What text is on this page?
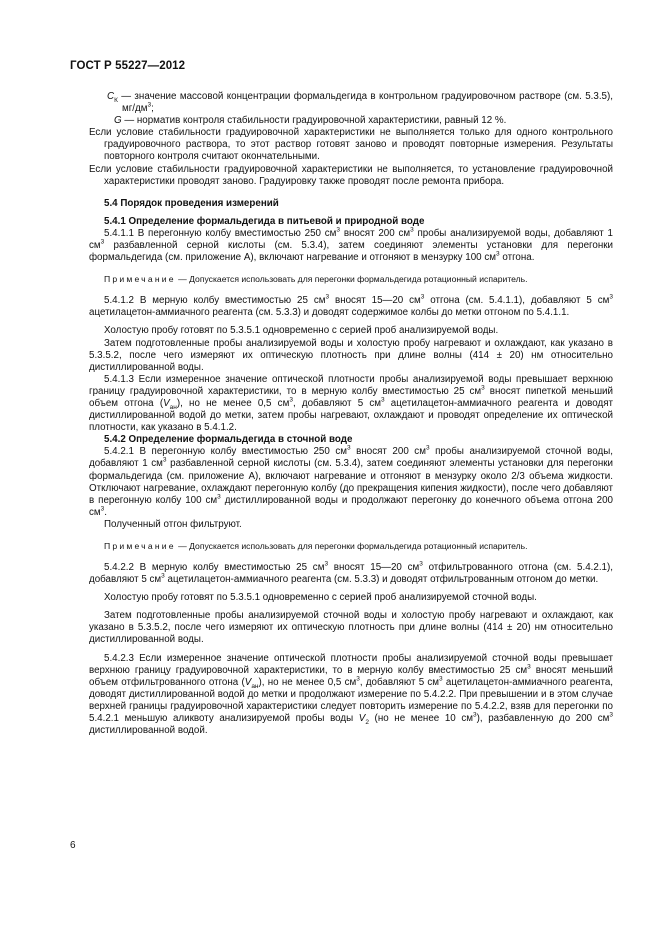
ГОСТ Р 55227—2012

$C_К$ — значение массовой концентрации формальдегида в контрольном градуировочном растворе (см. 5.3.5), $мг/дм^3$;

G — норматив контроля стабильности градуировочной характеристики, равный 12 %.

Если условие стабильности градуировочной характеристики не выполняется только для одного контрольного градуировочного раствора, то этот раствор готовят заново и проводят повторные измерения. Результаты повторного контроля считают окончательными.

Если условие стабильности градуировочной характеристики не выполняется, то установление градуировочной характеристики проводят заново. Градуировку также проводят после ремонта прибора.

5.4 Порядок проведения измерений

5.4.1 Определение формальдегида в питьевой и природной воде

5.4.1.1 В перегонную колбу вместимостью 250 $см^3$ вносят 200 $см^3$ пробы анализируемой воды, добавляют 1 $см^3$ разбавленной серной кислоты (см. 5.3.4), затем соединяют элементы установки для перегонки формальдегида (см. приложение А), включают нагревание и отгоняют в мензурку 100 $см^3$ отгона.

Примечание — Допускается использовать для перегонки формальдегида ротационный испаритель.

5.4.1.2 В мерную колбу вместимостью 25 $см^3$ вносят 15—20 $см^3$ отгона (см. 5.4.1.1), добавляют 5 $см^3$ ацетилацетон-аммиачного реагента (см. 5.3.3) и доводят содержимое колбы до метки отгоном по 5.4.1.1.

Холостую пробу готовят по 5.3.5.1 одновременно с серией проб анализируемой воды.

Затем подготовленные пробы анализируемой воды и холостую пробу нагревают и охлаждают, как указано в 5.3.5.2, после чего измеряют их оптическую плотность при длине волны (414 ± 20) нм относительно дистиллированной воды.

5.4.1.3 Если измеренное значение оптической плотности пробы анализируемой воды превышает верхнюю границу градуировочной характеристики, то в мерную колбу вместимостью 25 $см^3$ вносят пипеткой меньший объем отгона $(V_{ан})$, но не менее 0,5 $см^3$, добавляют 5 $см^3$ ацетилацетон-аммиачного реагента и доводят дистиллированной водой до метки, затем пробы нагревают, охлаждают и проводят определение их оптической плотности, как указано в 5.4.1.2.

5.4.2 Определение формальдегида в сточной воде

5.4.2.1 В перегонную колбу вместимостью 250 $см^3$ вносят 200 $см^3$ пробы анализируемой сточной воды, добавляют 1 $см^3$ разбавленной серной кислоты (см. 5.3.4), затем соединяют элементы установки для перегонки формальдегида (см. приложение А), включают нагревание и отгоняют в мензурку около 2/3 объема жидкости. Отключают нагревание, охлаждают перегонную колбу (до прекращения кипения жидкости), после чего добавляют в перегонную колбу 100 $см^3$ дистиллированной воды и продолжают перегонку до конечного объема отгона 200 $см^3$.

Полученный отгон фильтруют.

Примечание — Допускается использовать для перегонки формальдегида ротационный испаритель.

5.4.2.2 В мерную колбу вместимостью 25 $см^3$ вносят 15—20 $см^3$ отфильтрованного отгона (см. 5.4.2.1), добавляют 5 $см^3$ ацетилацетон-аммиачного реагента (см. 5.3.3) и доводят отфильтрованным отгоном до метки.

Холостую пробу готовят по 5.3.5.1 одновременно с серией проб анализируемой сточной воды.

Затем подготовленные пробы анализируемой сточной воды и холостую пробу нагревают и охлаждают, как указано в 5.3.5.2, после чего измеряют их оптическую плотность при длине волны (414 ± 20) нм относительно дистиллированной воды.

5.4.2.3 Если измеренное значение оптической плотности пробы анализируемой сточной воды превышает верхнюю границу градуировочной характеристики, то в мерную колбу вместимостью 25 $см^3$ вносят меньший объем отфильтрованного отгона $(V_{ан})$, но не менее 0,5 $см^3$, добавляют 5 $см^3$ ацетилацетон-аммиачного реагента, доводят дистиллированной водой до метки и продолжают измерение по 5.4.2.2. При превышении и в этом случае верхней границы градуировочной характеристики следует повторить измерение по 5.4.2.2, взяв для перегонки по 5.4.2.1 меньшую аликвоту анализируемой пробы воды $V_2$ (но не менее 10 $см^3$), разбавленную до 200 $см^3$ дистиллированной водой.

6
